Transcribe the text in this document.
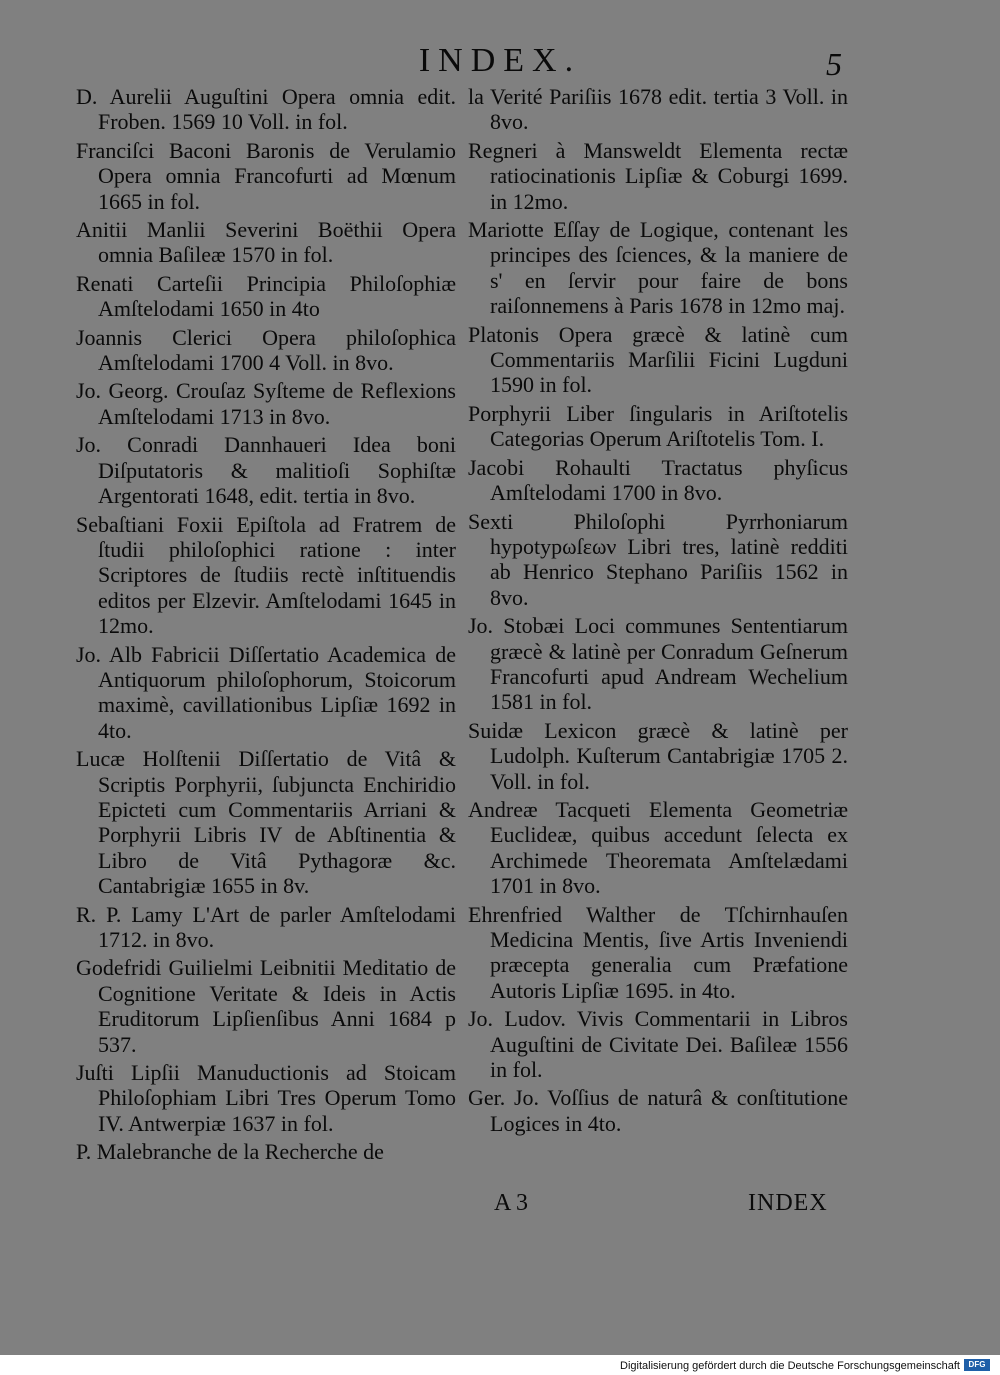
INDEX.	5
D. Aurelii Auguſtini Opera omnia edit. Froben. 1569 10 Voll. in fol.
Franciſci Baconi Baronis de Verulamio Opera omnia Francofurti ad Mœnum 1665 in fol.
Anitii Manlii Severini Boëthii Opera omnia Baſileæ 1570 in fol.
Renati Carteſii Principia Philoſophiæ Amſtelodami 1650 in 4to
Joannis Clerici Opera philoſophica Amſtelodami 1700 4 Voll. in 8vo.
Jo. Georg. Crouſaz Syſteme de Reflexions Amſtelodami 1713 in 8vo.
Jo. Conradi Dannhaueri Idea boni Diſputatoris & malitioſi Sophiſtæ Argentorati 1648, edit. tertia in 8vo.
Sebaſtiani Foxii Epiſtola ad Fratrem de ſtudii philoſophici ratione : inter Scriptores de ſtudiis rectè inſtituendis editos per Elzevir. Amſtelodami 1645 in 12mo.
Jo. Alb Fabricii Diſſertatio Academica de Antiquorum philoſophorum, Stoicorum maximè, cavillationibus Lipſiæ 1692 in 4to.
Lucæ Holſtenii Diſſertatio de Vitâ & Scriptis Porphyrii, ſubjuncta Enchiridio Epicteti cum Commentariis Arriani & Porphyrii Libris IV de Abſtinentia & Libro de Vitâ Pythagoræ &c. Cantabrigiæ 1655 in 8v.
R. P. Lamy L'Art de parler Amſtelodami 1712. in 8vo.
Godefridi Guilielmi Leibnitii Meditatio de Cognitione Veritate & Ideis in Actis Eruditorum Lipſienſibus Anni 1684 p 537.
Juſti Lipſii Manuductionis ad Stoicam Philoſophiam Libri Tres Operum Tomo IV. Antwerpiæ 1637 in fol.
P. Malebranche de la Recherche de
la Verité Pariſiis 1678 edit. tertia 3 Voll. in 8vo.
Regneri à Mansweldt Elementa rectæ ratiocinationis Lipſiæ & Coburgi 1699. in 12mo.
Mariotte Eſſay de Logique, contenant les principes des ſciences, & la maniere de s' en ſervir pour faire de bons raiſonnemens à Paris 1678 in 12mo maj.
Platonis Opera græcè & latinè cum Commentariis Marſilii Ficini Lugduni 1590 in fol.
Porphyrii Liber ſingularis in Ariſtotelis Categorias Operum Ariſtotelis Tom. I.
Jacobi Rohaulti Tractatus phyſicus Amſtelodami 1700 in 8vo.
Sexti Philoſophi Pyrrhoniarum hypotypωſεων Libri tres, latinè redditi ab Henrico Stephano Pariſiis 1562 in 8vo.
Jo. Stobæi Loci communes Sententiarum græcè & latinè per Conradum Geſnerum Francofurti apud Andream Wechelium 1581 in fol.
Suidæ Lexicon græcè & latinè per Ludolph. Kuſterum Cantabrigiæ 1705 2. Voll. in fol.
Andreæ Tacqueti Elementa Geometriæ Euclideæ, quibus accedunt ſelecta ex Archimede Theoremata Amſtelædami 1701 in 8vo.
Ehrenfried Walther de Tſchirnhauſen Medicina Mentis, ſive Artis Inveniendi præcepta generalia cum Præfatione Autoris Lipſiæ 1695. in 4to.
Jo. Ludov. Vivis Commentarii in Libros Auguſtini de Civitate Dei. Baſileæ 1556 in fol.
Ger. Jo. Voſſius de naturâ & conſtitutione Logices in 4to.
A 3	INDEX
Digitalisierung gefördert durch die Deutsche Forschungsgemeinschaft	DFG
